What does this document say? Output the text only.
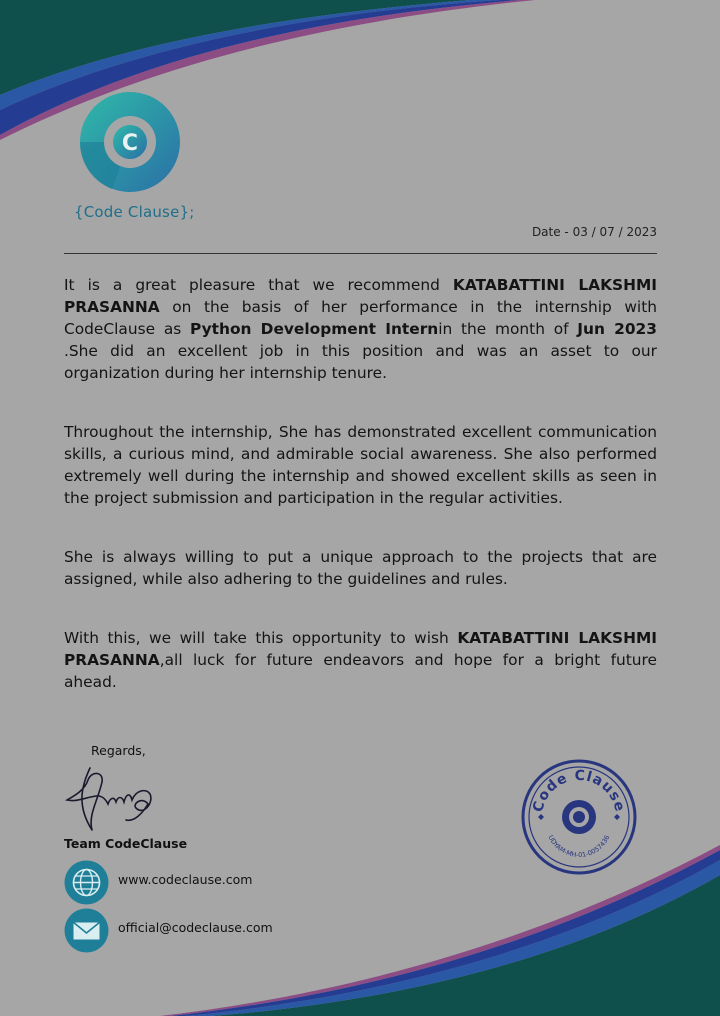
C
{Code Clause};
Date - 03 / 07 / 2023

It is a great pleasure that we recommend KATABATTINI LAKSHMI PRASANNA on the basis of her performance in the internship with CodeClause as Python Development Internin the month of Jun 2023 .She did an excellent job in this position and was an asset to our organization during her internship tenure.

Throughout the internship, She has demonstrated excellent communication skills, a curious mind, and admirable social awareness. She also performed extremely well during the internship and showed excellent skills as seen in the project submission and participation in the regular activities.

She is always willing to put a unique approach to the projects that are assigned, while also adhering to the guidelines and rules.

With this, we will take this opportunity to wish KATABATTINI LAKSHMI PRASANNA,all luck for future endeavors and hope for a bright future ahead.

Regards,
Team CodeClause
www.codeclause.com
official@codeclause.com
Code Clause
UDYAM-MH-01-0057436
